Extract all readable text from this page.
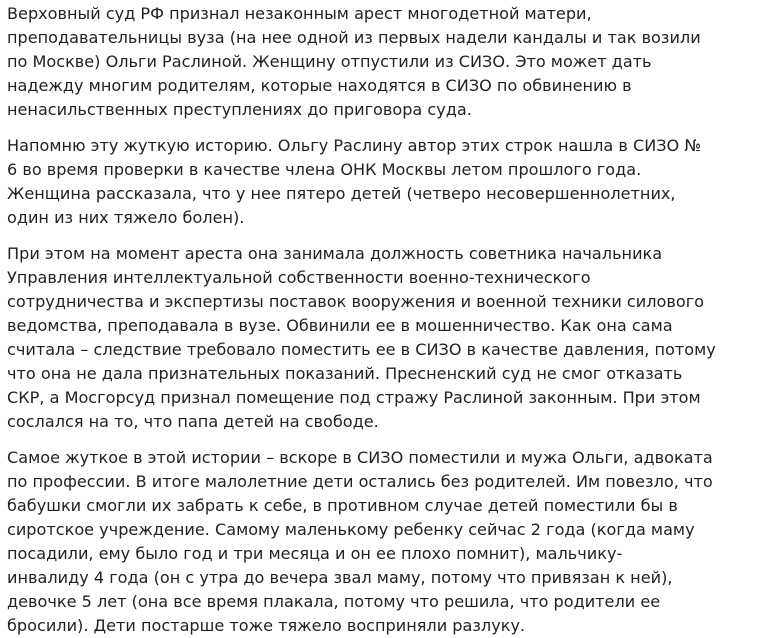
Верховный суд РФ признал незаконным арест многодетной матери,
преподавательницы вуза (на нее одной из первых надели кандалы и так возили
по Москве) Ольги Раслиной. Женщину отпустили из СИЗО. Это может дать
надежду многим родителям, которые находятся в СИЗО по обвинению в
ненасильственных преступлениях до приговора суда.

Напомню эту жуткую историю. Ольгу Раслину автор этих строк нашла в СИЗО №
6 во время проверки в качестве члена ОНК Москвы летом прошлого года.
Женщина рассказала, что у нее пятеро детей (четверо несовершеннолетних,
один из них тяжело болен).

При этом на момент ареста она занимала должность советника начальника
Управления интеллектуальной собственности военно-технического
сотрудничества и экспертизы поставок вооружения и военной техники силового
ведомства, преподавала в вузе. Обвинили ее в мошенничество. Как она сама
считала – следствие требовало поместить ее в СИЗО в качестве давления, потому
что она не дала признательных показаний. Пресненский суд не смог отказать
СКР, а Мосгорсуд признал помещение под стражу Раслиной законным. При этом
сослался на то, что папа детей на свободе.

Самое жуткое в этой истории – вскоре в СИЗО поместили и мужа Ольги, адвоката
по профессии. В итоге малолетние дети остались без родителей. Им повезло, что
бабушки смогли их забрать к себе, в противном случае детей поместили бы в
сиротское учреждение. Самому маленькому ребенку сейчас 2 года (когда маму
посадили, ему было год и три месяца и он ее плохо помнит), мальчику-
инвалиду 4 года (он с утра до вечера звал маму, потому что привязан к ней),
девочке 5 лет (она все время плакала, потому что решила, что родители ее
бросили). Дети постарше тоже тяжело восприняли разлуку.
